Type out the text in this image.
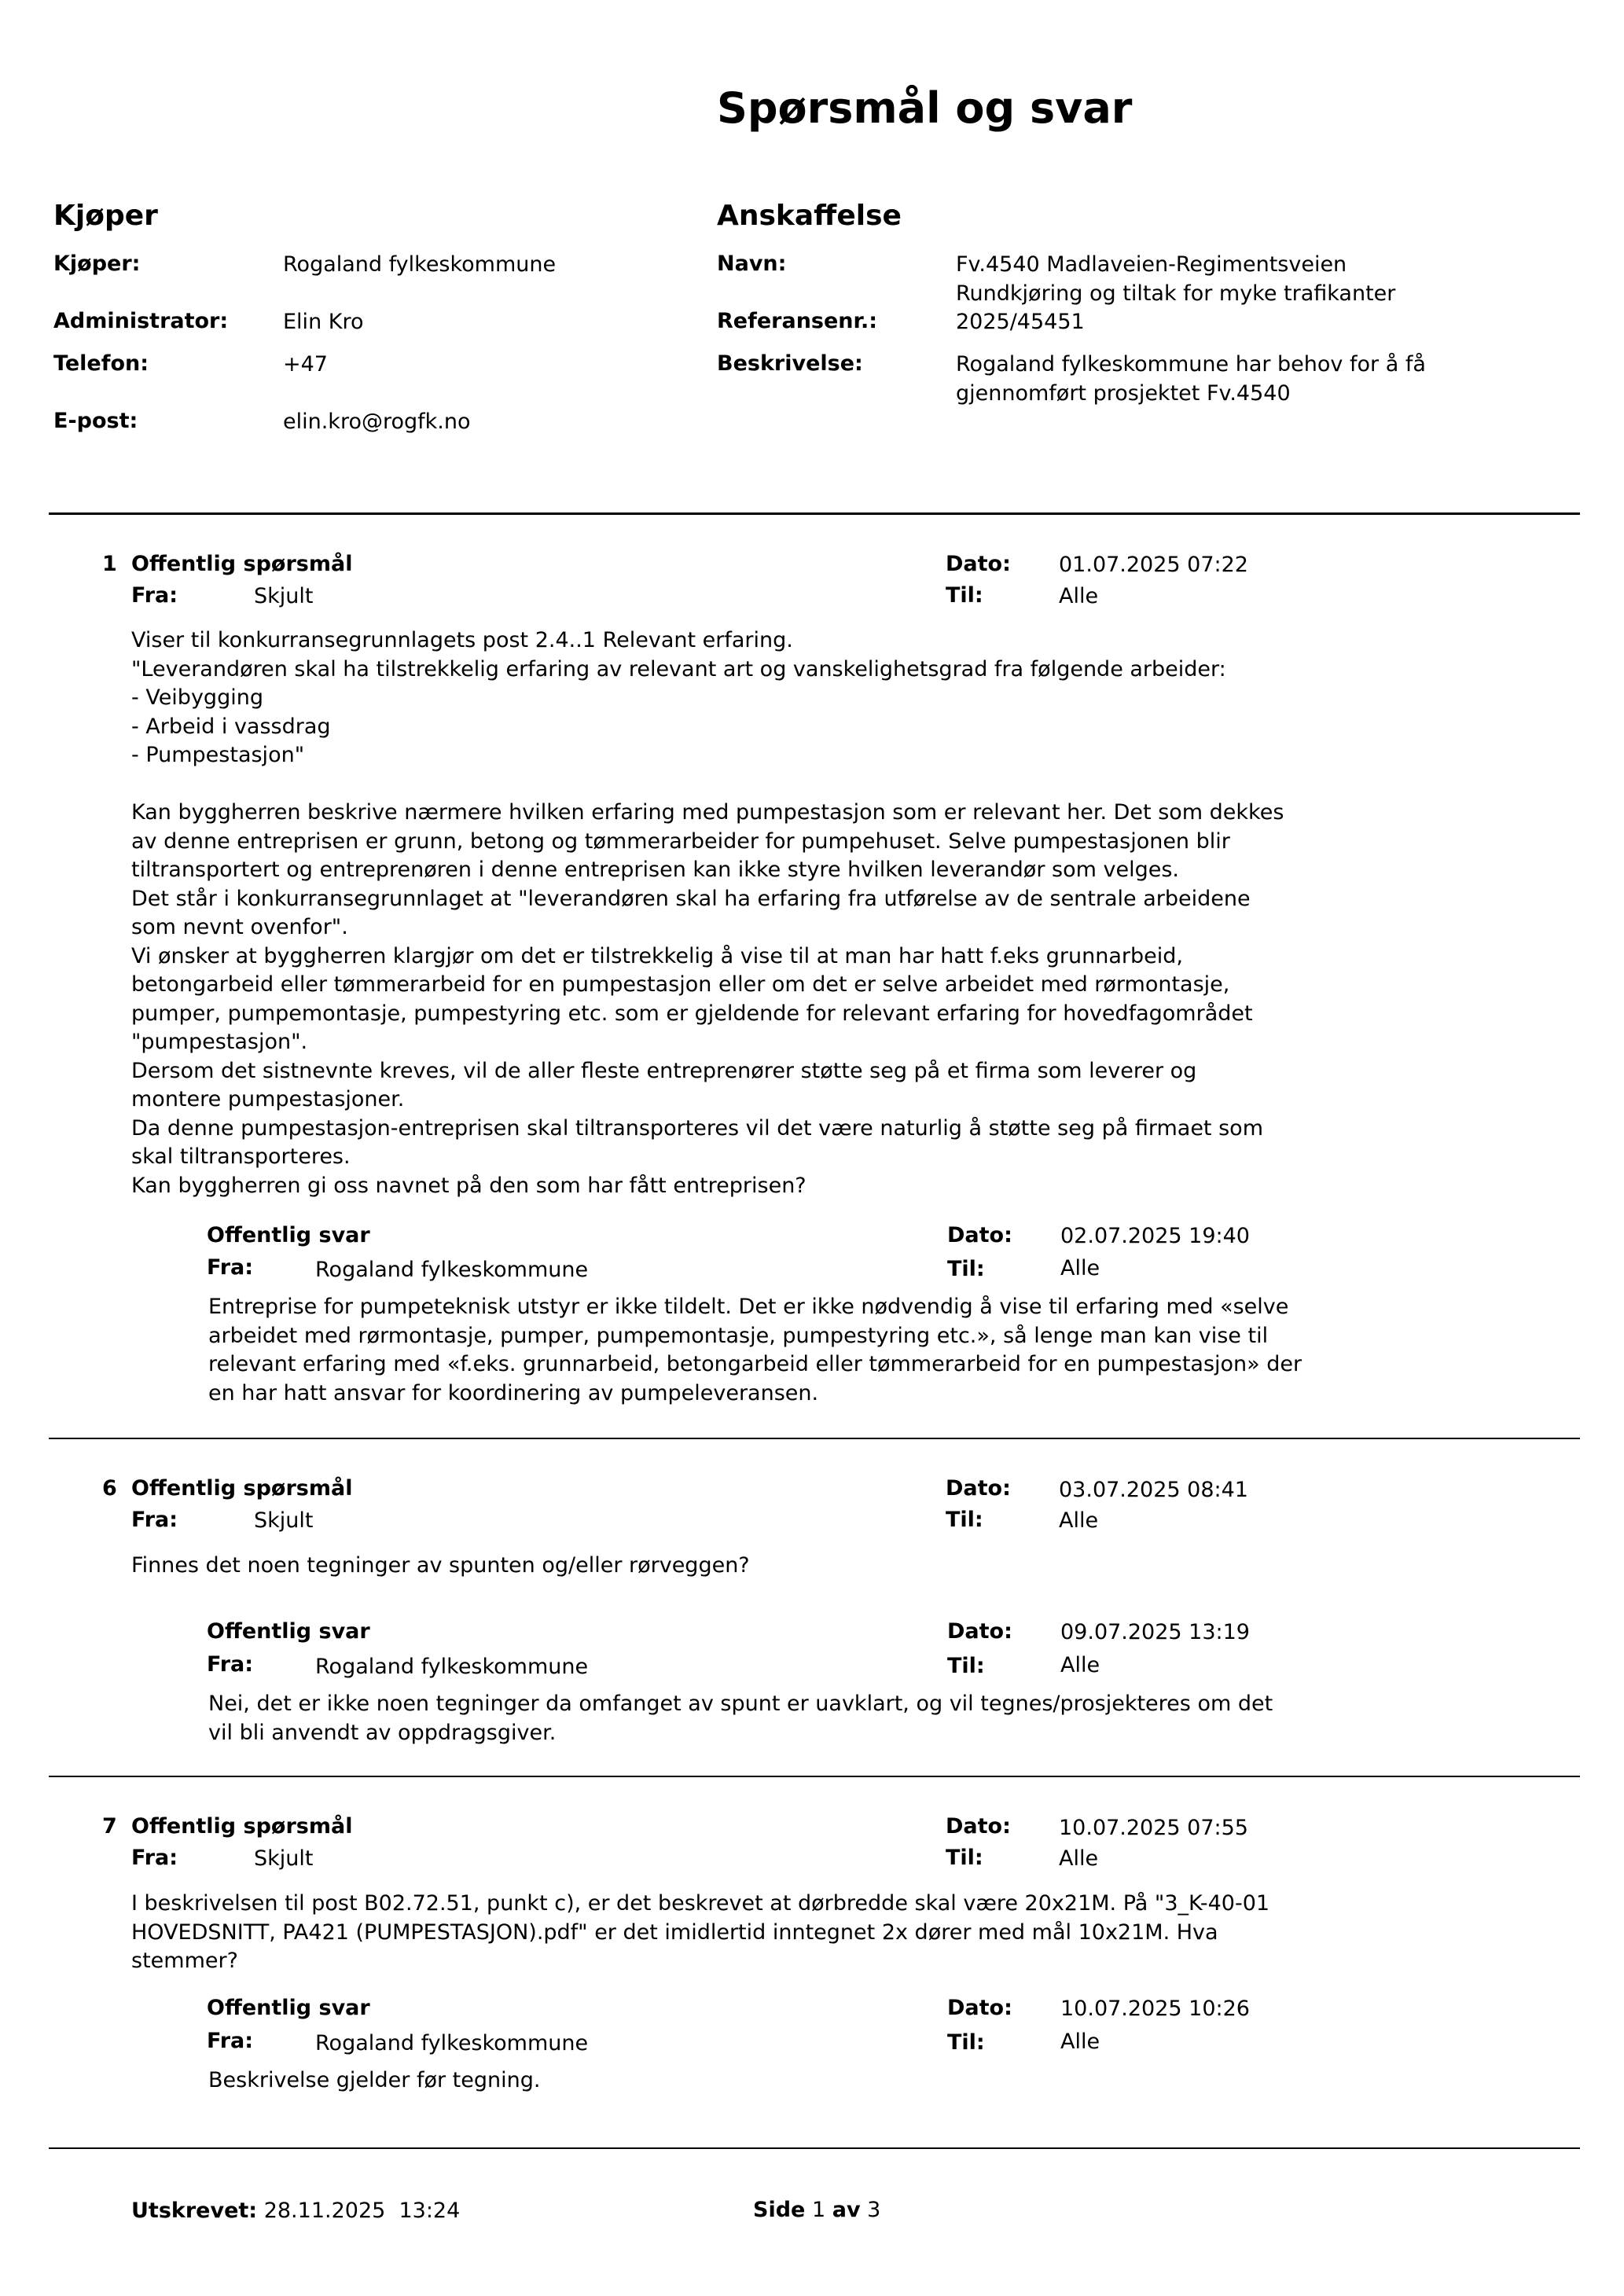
Spørsmål og svar
Kjøper
Kjøper:	Rogaland fylkeskommune
Administrator:	Elin Kro
Telefon:	+47
E-post:	elin.kro@rogfk.no
Anskaffelse
Navn:	Fv.4540 Madlaveien-Regimentsveien
Rundkjøring og tiltak for myke trafikanter
Referansenr.:	2025/45451
Beskrivelse:	Rogaland fylkeskommune har behov for å få
gjennomført prosjektet Fv.4540
1 Offentlig spørsmål	Dato: 01.07.2025 07:22
Fra:	Skjult	Til:	Alle
Viser til konkurransegrunnlagets post 2.4..1 Relevant erfaring.
"Leverandøren skal ha tilstrekkelig erfaring av relevant art og vanskelighetsgrad fra følgende arbeider:
- Veibygging
- Arbeid i vassdrag
- Pumpestasjon"

Kan byggherren beskrive nærmere hvilken erfaring med pumpestasjon som er relevant her. Det som dekkes
av denne entreprisen er grunn, betong og tømmerarbeider for pumpehuset. Selve pumpestasjonen blir
tiltransportert og entreprenøren i denne entreprisen kan ikke styre hvilken leverandør som velges.
Det står i konkurransegrunnlaget at "leverandøren skal ha erfaring fra utførelse av de sentrale arbeidene
som nevnt ovenfor".
Vi ønsker at byggherren klargjør om det er tilstrekkelig å vise til at man har hatt f.eks grunnarbeid,
betongarbeid eller tømmerarbeid for en pumpestasjon eller om det er selve arbeidet med rørmontasje,
pumper, pumpemontasje, pumpestyring etc. som er gjeldende for relevant erfaring for hovedfagområdet
"pumpestasjon".
Dersom det sistnevnte kreves, vil de aller fleste entreprenører støtte seg på et firma som leverer og
montere pumpestasjoner.
Da denne pumpestasjon-entreprisen skal tiltransporteres vil det være naturlig å støtte seg på firmaet som
skal tiltransporteres.
Kan byggherren gi oss navnet på den som har fått entreprisen?
Offentlig svar	Dato: 02.07.2025 19:40
Fra:	Rogaland fylkeskommune	Til:	Alle
Entreprise for pumpeteknisk utstyr er ikke tildelt. Det er ikke nødvendig å vise til erfaring med «selve
arbeidet med rørmontasje, pumper, pumpemontasje, pumpestyring etc.», så lenge man kan vise til
relevant erfaring med «f.eks. grunnarbeid, betongarbeid eller tømmerarbeid for en pumpestasjon» der
en har hatt ansvar for koordinering av pumpeleveransen.
6 Offentlig spørsmål	Dato: 03.07.2025 08:41
Fra:	Skjult	Til:	Alle
Finnes det noen tegninger av spunten og/eller rørveggen?
Offentlig svar	Dato: 09.07.2025 13:19
Fra:	Rogaland fylkeskommune	Til:	Alle
Nei, det er ikke noen tegninger da omfanget av spunt er uavklart, og vil tegnes/prosjekteres om det
vil bli anvendt av oppdragsgiver.
7 Offentlig spørsmål	Dato: 10.07.2025 07:55
Fra:	Skjult	Til:	Alle
I beskrivelsen til post B02.72.51, punkt c), er det beskrevet at dørbredde skal være 20x21M. På "3_K-40-01
HOVEDSNITT, PA421 (PUMPESTASJON).pdf" er det imidlertid inntegnet 2x dører med mål 10x21M. Hva
stemmer?
Offentlig svar	Dato: 10.07.2025 10:26
Fra:	Rogaland fylkeskommune	Til:	Alle
Beskrivelse gjelder før tegning.
Utskrevet: 28.11.2025  13:24	Side 1 av 3
